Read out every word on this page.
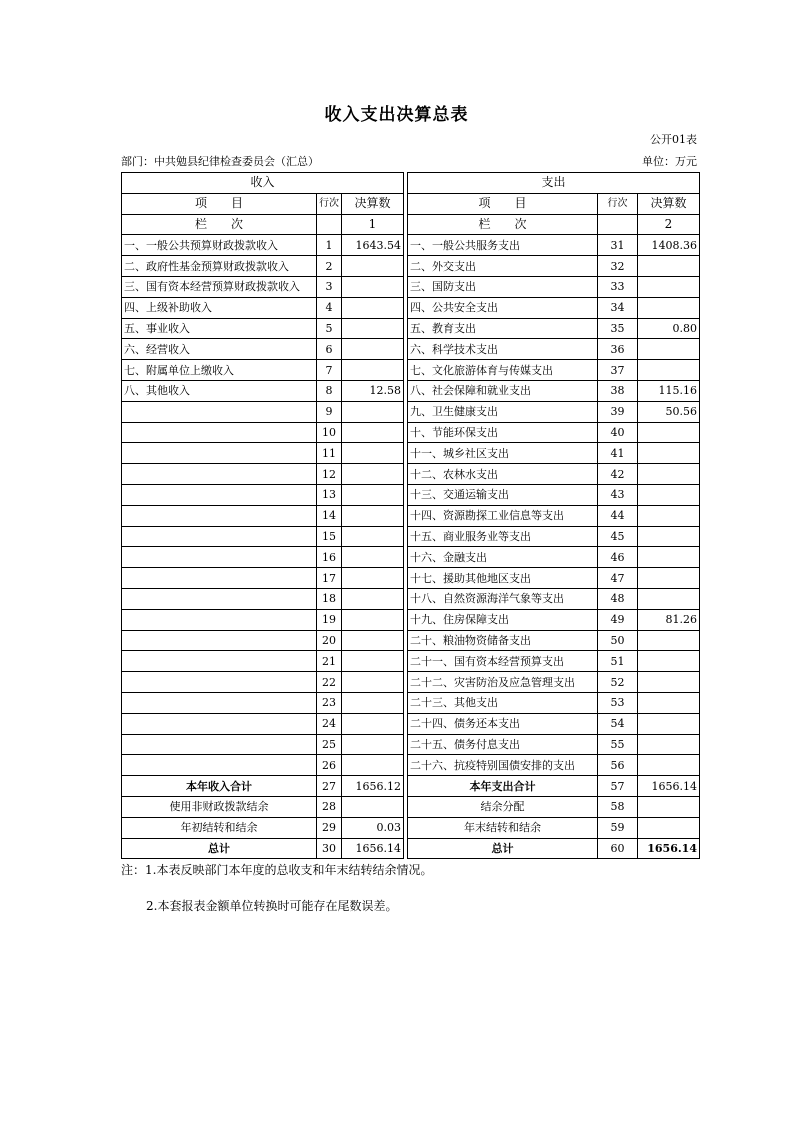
收入支出决算总表
公开01表
部门：中共勉县纪律检查委员会（汇总）	单位：万元
收入				支出		
项　　目	行次	决算数		项　　目	行次	决算数
栏　　次		1		栏　　次		2
一、一般公共预算财政拨款收入	1	1643.54		一、一般公共服务支出	31	1408.36
二、政府性基金预算财政拨款收入	2			二、外交支出	32	
三、国有资本经营预算财政拨款收入	3			三、国防支出	33	
四、上级补助收入	4			四、公共安全支出	34	
五、事业收入	5			五、教育支出	35	0.80
六、经营收入	6			六、科学技术支出	36	
七、附属单位上缴收入	7			七、文化旅游体育与传媒支出	37	
八、其他收入	8	12.58		八、社会保障和就业支出	38	115.16
	9			九、卫生健康支出	39	50.56
	10			十、节能环保支出	40	
	11			十一、城乡社区支出	41	
	12			十二、农林水支出	42	
	13			十三、交通运输支出	43	
	14			十四、资源勘探工业信息等支出	44	
	15			十五、商业服务业等支出	45	
	16			十六、金融支出	46	
	17			十七、援助其他地区支出	47	
	18			十八、自然资源海洋气象等支出	48	
	19			十九、住房保障支出	49	81.26
	20			二十、粮油物资储备支出	50	
	21			二十一、国有资本经营预算支出	51	
	22			二十二、灾害防治及应急管理支出	52	
	23			二十三、其他支出	53	
	24			二十四、债务还本支出	54	
	25			二十五、债务付息支出	55	
	26			二十六、抗疫特别国债安排的支出	56	
本年收入合计	27	1656.12		本年支出合计	57	1656.14
使用非财政拨款结余	28			结余分配	58	
年初结转和结余	29	0.03		年末结转和结余	59	
总计	30	1656.14		总计	60	1656.14
注：1.本表反映部门本年度的总收支和年末结转结余情况。
2.本套报表金额单位转换时可能存在尾数误差。
